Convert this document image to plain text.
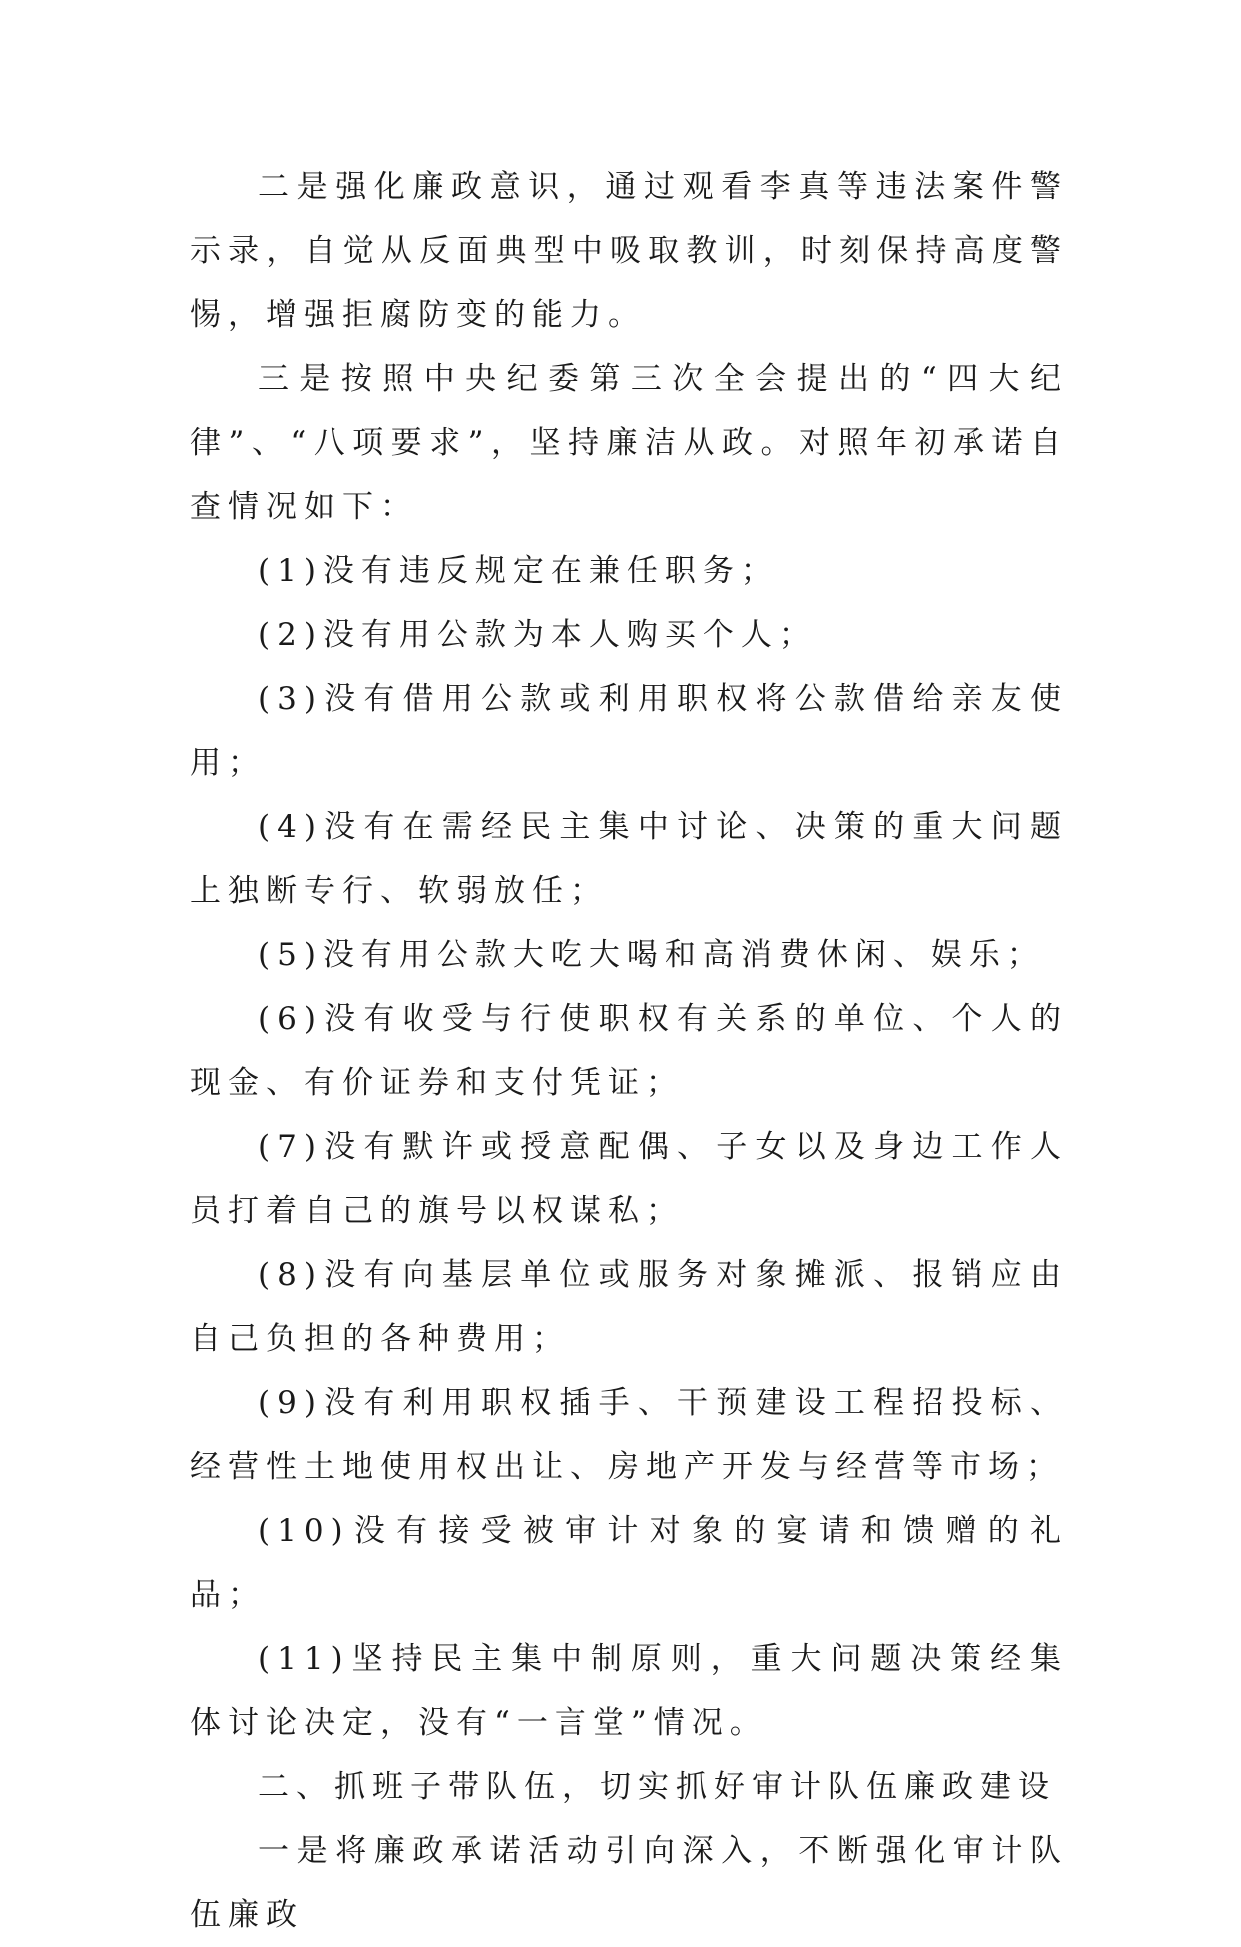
二是强化廉政意识，通过观看李真等违法案件警示录，自觉从反面典型中吸取教训，时刻保持高度警惕，增强拒腐防变的能力。

三是按照中央纪委第三次全会提出的“四大纪律”、“八项要求”，坚持廉洁从政。对照年初承诺自查情况如下：

(1)没有违反规定在兼任职务；

(2)没有用公款为本人购买个人；

(3)没有借用公款或利用职权将公款借给亲友使用；

(4)没有在需经民主集中讨论、决策的重大问题上独断专行、软弱放任；

(5)没有用公款大吃大喝和高消费休闲、娱乐；

(6)没有收受与行使职权有关系的单位、个人的现金、有价证券和支付凭证；

(7)没有默许或授意配偶、子女以及身边工作人员打着自己的旗号以权谋私；

(8)没有向基层单位或服务对象摊派、报销应由自己负担的各种费用；

(9)没有利用职权插手、干预建设工程招投标、经营性土地使用权出让、房地产开发与经营等市场；

(10)没有接受被审计对象的宴请和馈赠的礼品；

(11)坚持民主集中制原则，重大问题决策经集体讨论决定，没有“一言堂”情况。

二、抓班子带队伍，切实抓好审计队伍廉政建设

一是将廉政承诺活动引向深入，不断强化审计队伍廉政
